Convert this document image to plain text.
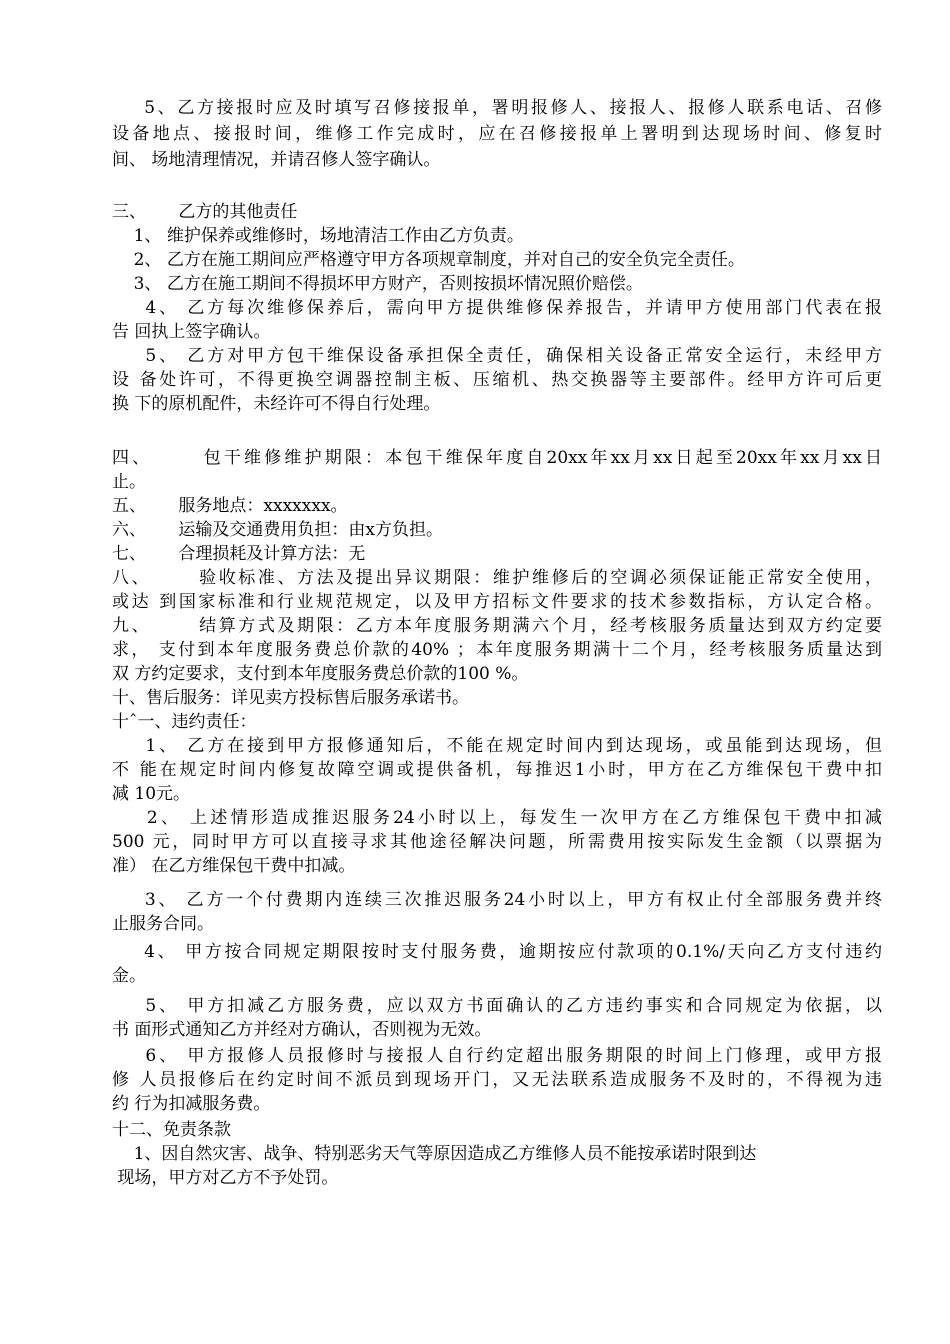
5、乙方接报时应及时填写召修接报单，署明报修人、接报人、报修人联系电话、召修
设备地点、接报时间，维修工作完成时，应在召修接报单上署明到达现场时间、修复时
间、 场地清理情况，并请召修人签字确认。
三、      乙方的其他责任
1、 维护保养或维修时，场地清洁工作由乙方负责。
2、 乙方在施工期间应严格遵守甲方各项规章制度，并对自己的安全负完全责任。
3、 乙方在施工期间不得损坏甲方财产，否则按损坏情况照价赔偿。
4、 乙方每次维修保养后，需向甲方提供维修保养报告，并请甲方使用部门代表在报
告 回执上签字确认。
5、 乙方对甲方包干维保设备承担保全责任，确保相关设备正常安全运行，未经甲方
设 备处许可，不得更换空调器控制主板、压缩机、热交换器等主要部件。经甲方许可后更
换 下的原机配件，未经许可不得自行处理。
四、      包干维修维护期限：本包干维保年度自20xx年xx月xx日起至20xx年xx月xx日
止。
五、      服务地点：xxxxxxx。
六、      运输及交通费用负担：由x方负担。
七、      合理损耗及计算方法：无
八、      验收标准、方法及提出异议期限：维护维修后的空调必须保证能正常安全使用，
或达 到国家标准和行业规范规定，以及甲方招标文件要求的技术参数指标，方认定合格。
九、      结算方式及期限：乙方本年度服务期满六个月，经考核服务质量达到双方约定要
求， 支付到本年度服务费总价款的40% ；本年度服务期满十二个月，经考核服务质量达到
双 方约定要求，支付到本年度服务费总价款的100 %。
十、售后服务：详见卖方投标售后服务承诺书。
十ˆ一、违约责任：
1、 乙方在接到甲方报修通知后，不能在规定时间内到达现场，或虽能到达现场，但
不 能在规定时间内修复故障空调或提供备机，每推迟1小时，甲方在乙方维保包干费中扣
减 10元。
2、 上述情形造成推迟服务24小时以上，每发生一次甲方在乙方维保包干费中扣减
500 元，同时甲方可以直接寻求其他途径解决问题，所需费用按实际发生金额（以票据为
准） 在乙方维保包干费中扣减。
3、 乙方一个付费期内连续三次推迟服务24小时以上，甲方有权止付全部服务费并终
止服务合同。
4、 甲方按合同规定期限按时支付服务费，逾期按应付款项的0.1%/天向乙方支付违约
金。
5、 甲方扣减乙方服务费，应以双方书面确认的乙方违约事实和合同规定为依据，以
书 面形式通知乙方并经对方确认，否则视为无效。
6、 甲方报修人员报修时与接报人自行约定超出服务期限的时间上门修理，或甲方报
修 人员报修后在约定时间不派员到现场开门，又无法联系造成服务不及时的，不得视为违
约 行为扣减服务费。
十二、免责条款
1、因自然灾害、战争、特别恶劣天气等原因造成乙方维修人员不能按承诺时限到达
现场，甲方对乙方不予处罚。
